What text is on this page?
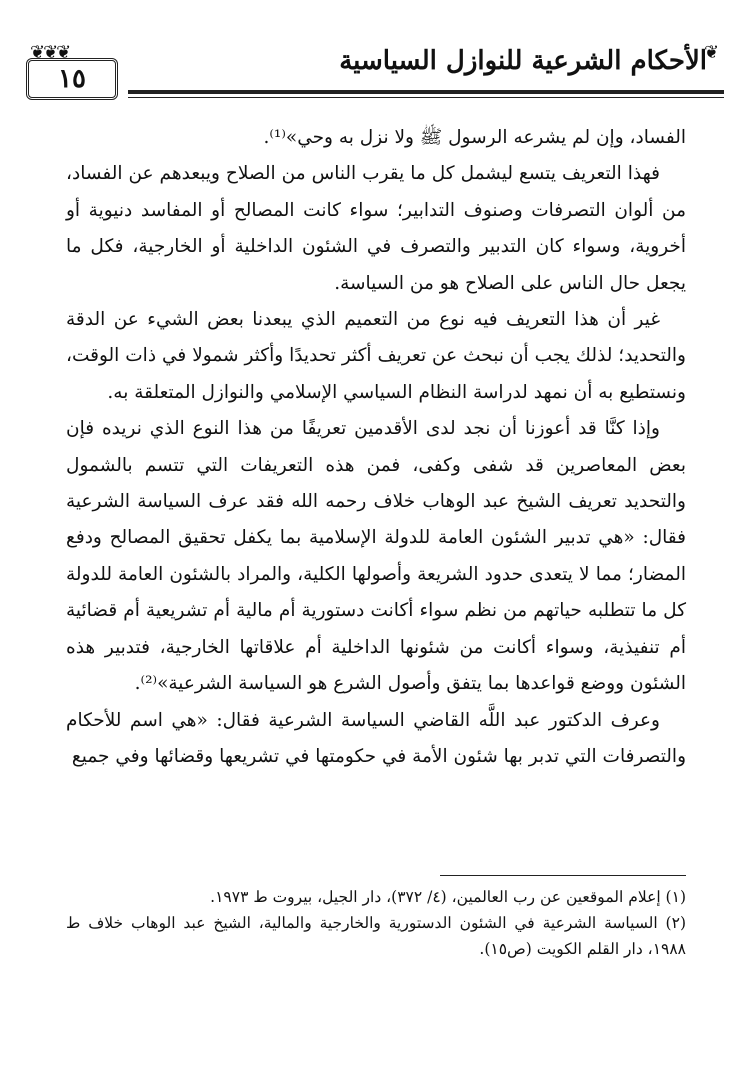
❦❦❦	❦
الأحكام الشرعية للنوازل السياسية
١٥

الفساد، وإن لم يشرعه الرسول ﷺ ولا نزل به وحي»⁽¹⁾.

فهذا التعريف يتسع ليشمل كل ما يقرب الناس من الصلاح ويبعدهم عن الفساد، من ألوان التصرفات وصنوف التدابير؛ سواء كانت المصالح أو المفاسد دنيوية أو أخروية، وسواء كان التدبير والتصرف في الشئون الداخلية أو الخارجية، فكل ما يجعل حال الناس على الصلاح هو من السياسة.

غير أن هذا التعريف فيه نوع من التعميم الذي يبعدنا بعض الشيء عن الدقة والتحديد؛ لذلك يجب أن نبحث عن تعريف أكثر تحديدًا وأكثر شمولا في ذات الوقت، ونستطيع به أن نمهد لدراسة النظام السياسي الإسلامي والنوازل المتعلقة به.

وإذا كنَّا قد أعوزنا أن نجد لدى الأقدمين تعريفًا من هذا النوع الذي نريده فإن بعض المعاصرين قد شفى وكفى، فمن هذه التعريفات التي تتسم بالشمول والتحديد تعريف الشيخ عبد الوهاب خلاف رحمه الله فقد عرف السياسة الشرعية فقال: «هي تدبير الشئون العامة للدولة الإسلامية بما يكفل تحقيق المصالح ودفع المضار؛ مما لا يتعدى حدود الشريعة وأصولها الكلية، والمراد بالشئون العامة للدولة كل ما تتطلبه حياتهم من نظم سواء أكانت دستورية أم مالية أم تشريعية أم قضائية أم تنفيذية، وسواء أكانت من شئونها الداخلية أم علاقاتها الخارجية، فتدبير هذه الشئون ووضع قواعدها بما يتفق وأصول الشرع هو السياسة الشرعية»⁽²⁾.

وعرف الدكتور عبد اللَّه القاضي السياسة الشرعية فقال: «هي اسم للأحكام والتصرفات التي تدبر بها شئون الأمة في حكومتها في تشريعها وقضائها وفي جميع

(١) إعلام الموقعين عن رب العالمين، (٤/ ٣٧٢)، دار الجيل، بيروت ط ١٩٧٣.

(٢) السياسة الشرعية في الشئون الدستورية والخارجية والمالية، الشيخ عبد الوهاب خلاف ط ١٩٨٨، دار القلم الكويت (ص١٥).
